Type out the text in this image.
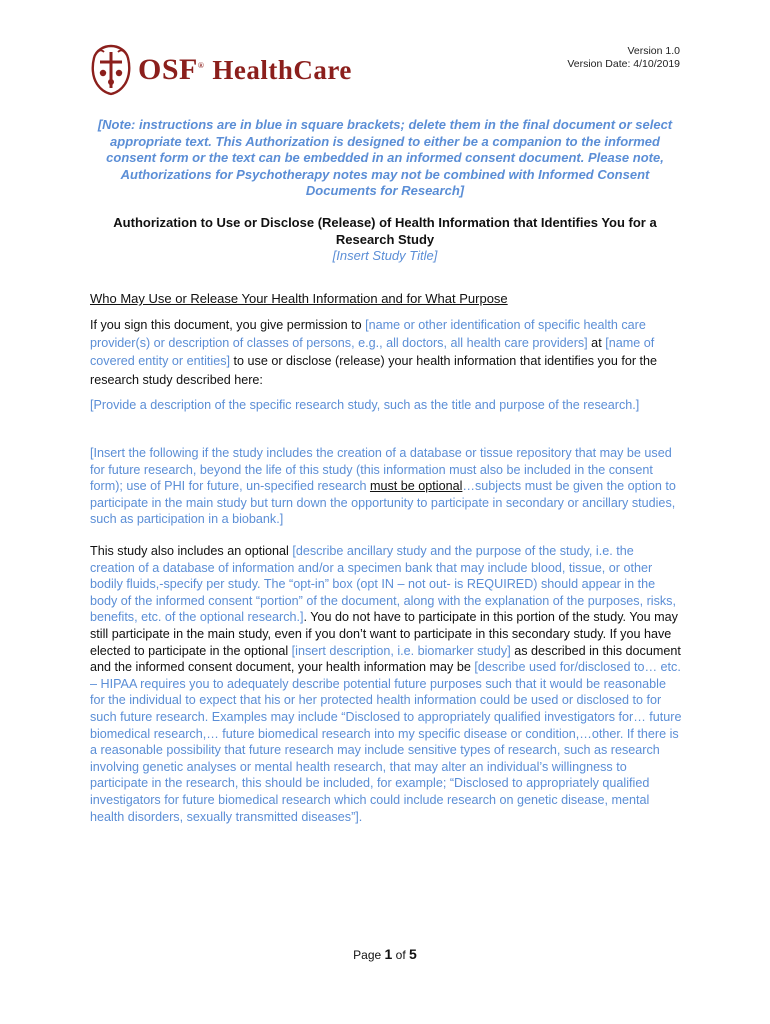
OSF® HealthCare
Version 1.0
Version Date: 4/10/2019
[Note: instructions are in blue in square brackets; delete them in the final document or select appropriate text. This Authorization is designed to either be a companion to the informed consent form or the text can be embedded in an informed consent document. Please note, Authorizations for Psychotherapy notes may not be combined with Informed Consent Documents for Research]
Authorization to Use or Disclose (Release) of Health Information that Identifies You for a Research Study
[Insert Study Title]
Who May Use or Release Your Health Information and for What Purpose

If you sign this document, you give permission to [name or other identification of specific health care provider(s) or description of classes of persons, e.g., all doctors, all health care providers] at [name of covered entity or entities] to use or disclose (release) your health information that identifies you for the research study described here:

[Provide a description of the specific research study, such as the title and purpose of the research.]

[Insert the following if the study includes the creation of a database or tissue repository that may be used for future research, beyond the life of this study (this information must also be included in the consent form); use of PHI for future, un-specified research must be optional…subjects must be given the option to participate in the main study but turn down the opportunity to participate in secondary or ancillary studies, such as participation in a biobank.]

This study also includes an optional [describe ancillary study and the purpose of the study, i.e. the creation of a database of information and/or a specimen bank that may include blood, tissue, or other bodily fluids,-specify per study. The “opt-in” box (opt IN – not out- is REQUIRED) should appear in the body of the informed consent “portion” of the document, along with the explanation of the purposes, risks, benefits, etc. of the optional research.]. You do not have to participate in this portion of the study. You may still participate in the main study, even if you don’t want to participate in this secondary study. If you have elected to participate in the optional [insert description, i.e. biomarker study] as described in this document and the informed consent document, your health information may be [describe used for/disclosed to… etc. – HIPAA requires you to adequately describe potential future purposes such that it would be reasonable for the individual to expect that his or her protected health information could be used or disclosed to for such future research. Examples may include “Disclosed to appropriately qualified investigators for… future biomedical research,… future biomedical research into my specific disease or condition,…other. If there is a reasonable possibility that future research may include sensitive types of research, such as research involving genetic analyses or mental health research, that may alter an individual’s willingness to participate in the research, this should be included, for example; “Disclosed to appropriately qualified investigators for future biomedical research which could include research on genetic disease, mental health disorders, sexually transmitted diseases”].

Page 1 of 5
